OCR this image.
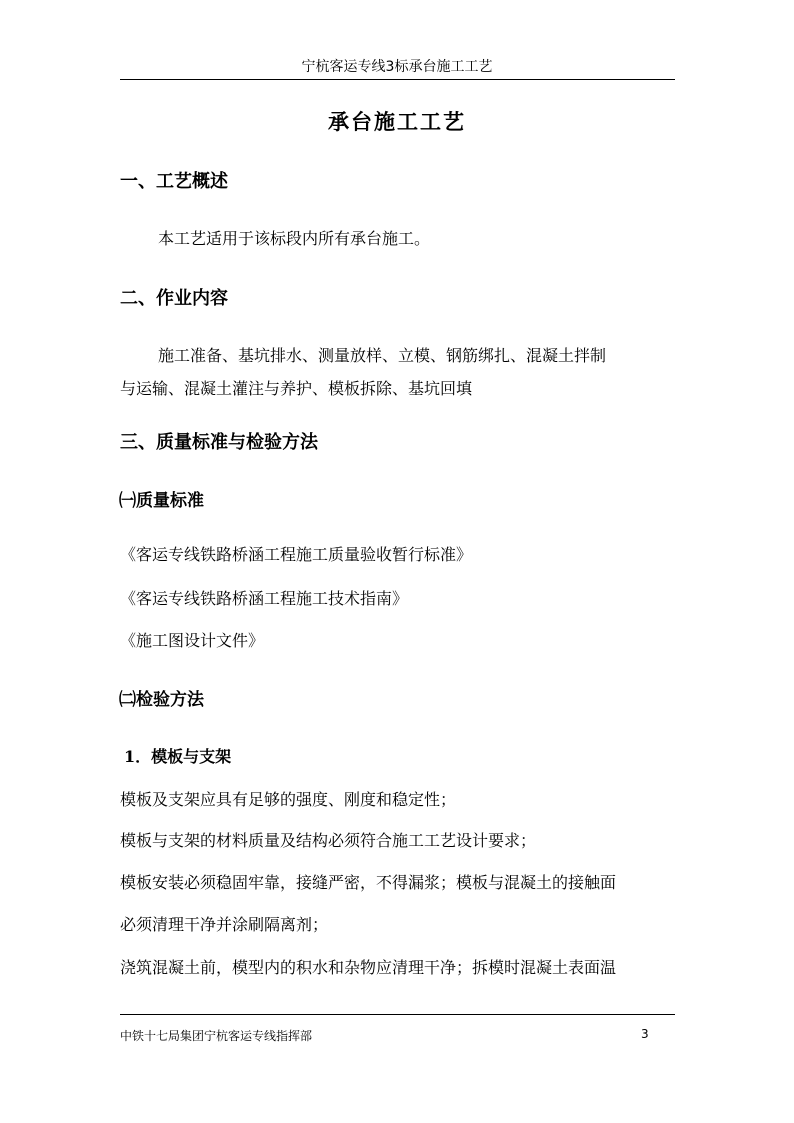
宁杭客运专线3标承台施工工艺
承台施工工艺
一、工艺概述
本工艺适用于该标段内所有承台施工。
二、作业内容
施工准备、基坑排水、测量放样、立模、钢筋绑扎、混凝土拌制
与运输、混凝土灌注与养护、模板拆除、基坑回填
三、质量标准与检验方法
㈠质量标准
《客运专线铁路桥涵工程施工质量验收暂行标准》
《客运专线铁路桥涵工程施工技术指南》
《施工图设计文件》
㈡检验方法
1．模板与支架
模板及支架应具有足够的强度、刚度和稳定性；
模板与支架的材料质量及结构必须符合施工工艺设计要求；
模板安装必须稳固牢靠，接缝严密，不得漏浆；模板与混凝土的接触面
必须清理干净并涂刷隔离剂；
浇筑混凝土前，模型内的积水和杂物应清理干净；拆模时混凝土表面温
中铁十七局集团宁杭客运专线指挥部	3
